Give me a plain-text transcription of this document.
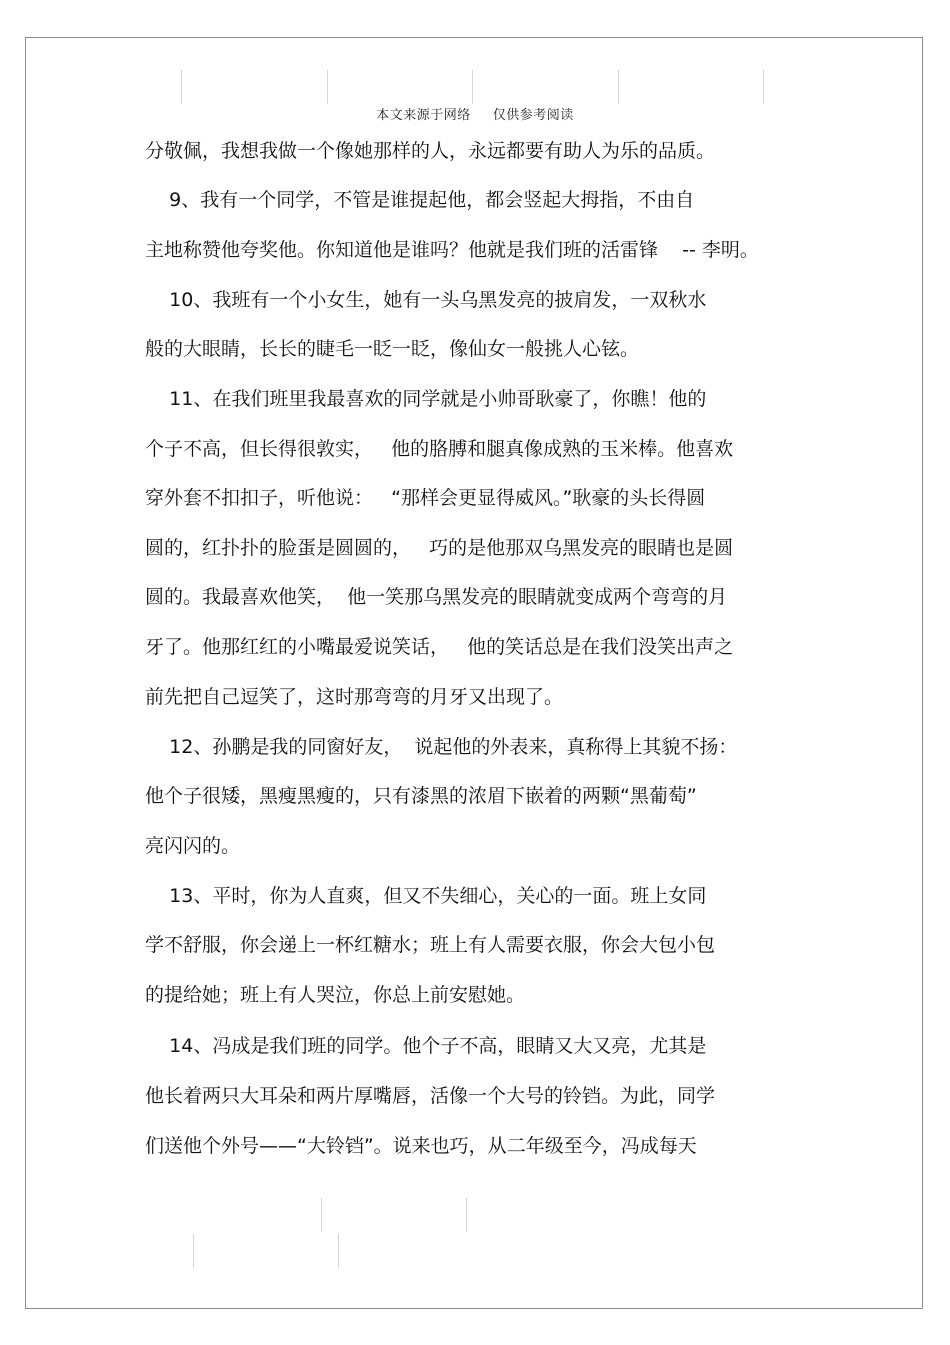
本文来源于网络 仅供参考阅读
分敬佩，我想我做一个像她那样的人，永远都要有助人为乐的品质。
9、我有一个同学，不管是谁提起他，都会竖起大拇指，不由自
主地称赞他夸奖他。你知道他是谁吗？他就是我们班的活雷锋    -- 李明。
10、我班有一个小女生，她有一头乌黑发亮的披肩发，一双秋水
般的大眼睛，长长的睫毛一眨一眨，像仙女一般挑人心铉。
11、在我们班里我最喜欢的同学就是小帅哥耿豪了，你瞧！他的
个子不高，但长得很敦实，   他的胳膊和腿真像成熟的玉米棒。他喜欢
穿外套不扣扣子，听他说：   “那样会更显得威风。”耿豪的头长得圆
圆的，红扑扑的脸蛋是圆圆的，   巧的是他那双乌黑发亮的眼睛也是圆
圆的。我最喜欢他笑，  他一笑那乌黑发亮的眼睛就变成两个弯弯的月
牙了。他那红红的小嘴最爱说笑话，   他的笑话总是在我们没笑出声之
前先把自己逗笑了，这时那弯弯的月牙又出现了。
12、孙鹏是我的同窗好友，  说起他的外表来，真称得上其貌不扬：
他个子很矮，黑瘦黑瘦的，只有漆黑的浓眉下嵌着的两颗“黑葡萄”
亮闪闪的。
13、平时，你为人直爽，但又不失细心，关心的一面。班上女同
学不舒服，你会递上一杯红糖水；班上有人需要衣服，你会大包小包
的提给她；班上有人哭泣，你总上前安慰她。
14、冯成是我们班的同学。他个子不高，眼睛又大又亮，尤其是
他长着两只大耳朵和两片厚嘴唇，活像一个大号的铃铛。为此，同学
们送他个外号——“大铃铛”。说来也巧，从二年级至今，冯成每天
